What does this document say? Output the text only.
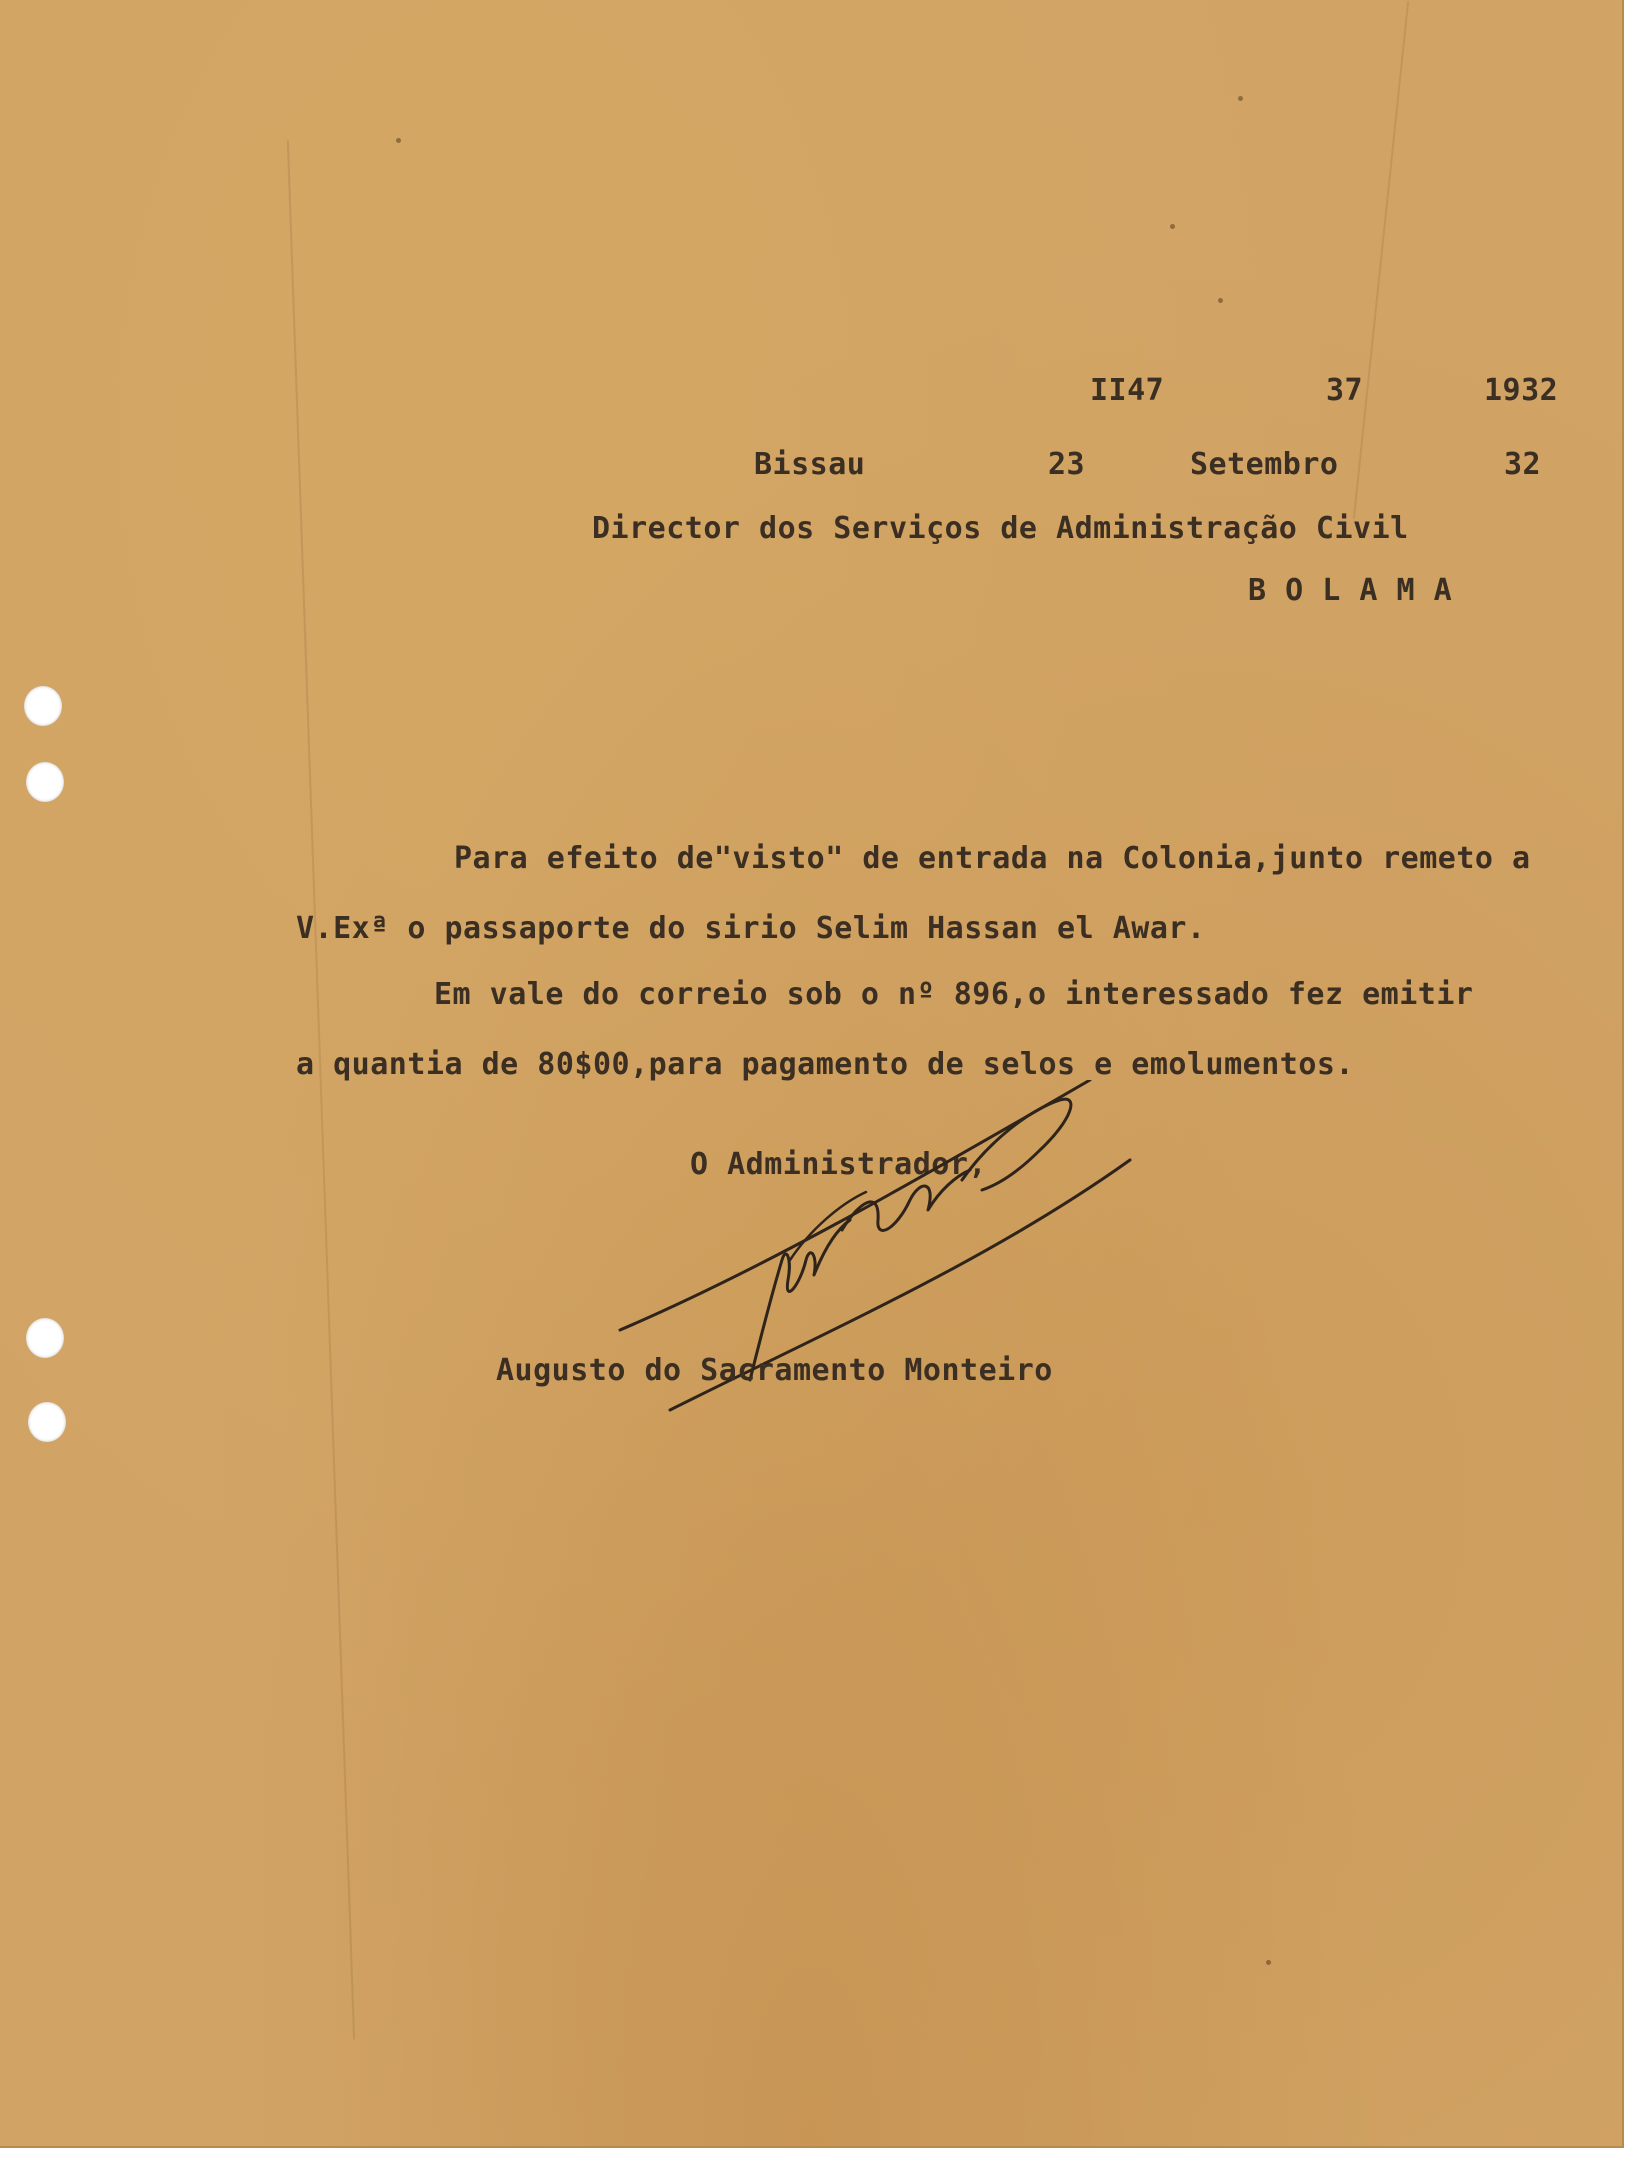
II47	37	1932
Bissau	23	Setembro	32
Director dos Serviços de Administração Civil
B O L A M A
Para efeito de"visto" de entrada na Colonia,junto remeto a
V.Exª o passaporte do sirio Selim Hassan el Awar.
Em vale do correio sob o nº 896,o interessado fez emitir
a quantia de 80$00,para pagamento de selos e emolumentos.
O Administrador,
Augusto do Sacramento Monteiro
